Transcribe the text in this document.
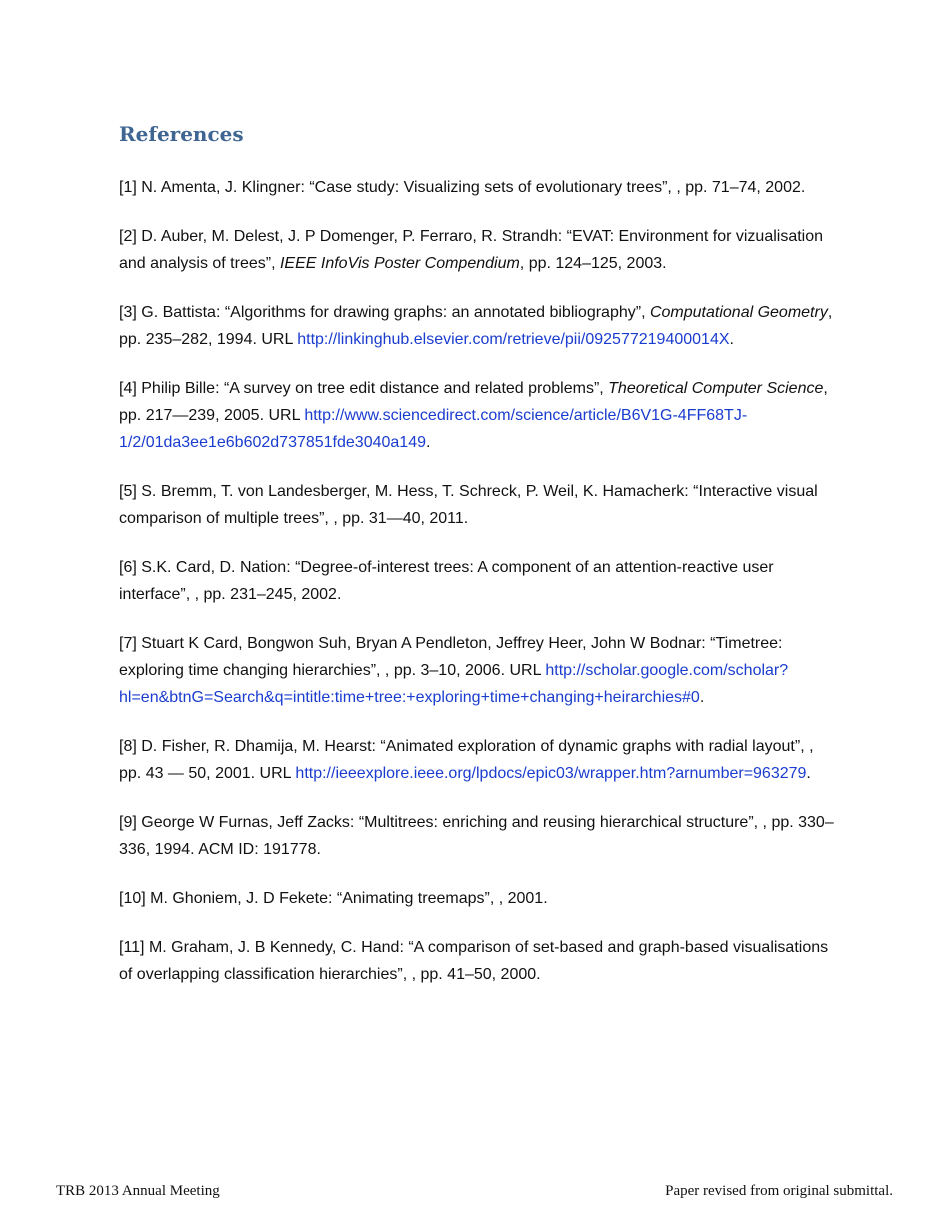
References

[1] N. Amenta, J. Klingner: “Case study: Visualizing sets of evolutionary trees”, , pp. 71–74, 2002.

[2] D. Auber, M. Delest, J. P Domenger, P. Ferraro, R. Strandh: “EVAT: Environment for vizualisation and analysis of trees”, IEEE InfoVis Poster Compendium, pp. 124–125, 2003.

[3] G. Battista: “Algorithms for drawing graphs: an annotated bibliography”, Computational Geometry, pp. 235–282, 1994. URL http://linkinghub.elsevier.com/retrieve/pii/092577219400014X.

[4] Philip Bille: “A survey on tree edit distance and related problems”, Theoretical Computer Science, pp. 217—239, 2005. URL http://www.sciencedirect.com/science/article/B6V1G-4FF68TJ-1/2/01da3ee1e6b602d737851fde3040a149.

[5] S. Bremm, T. von Landesberger, M. Hess, T. Schreck, P. Weil, K. Hamacherk: “Interactive visual comparison of multiple trees”, , pp. 31—40, 2011.

[6] S.K. Card, D. Nation: “Degree-of-interest trees: A component of an attention-reactive user interface”, , pp. 231–245, 2002.

[7] Stuart K Card, Bongwon Suh, Bryan A Pendleton, Jeffrey Heer, John W Bodnar: “Timetree: exploring time changing hierarchies”, , pp. 3–10, 2006. URL http://scholar.google.com/scholar?hl=en&btnG=Search&q=intitle:time+tree:+exploring+time+changing+heirarchies#0.

[8] D. Fisher, R. Dhamija, M. Hearst: “Animated exploration of dynamic graphs with radial layout”, , pp. 43 — 50, 2001. URL http://ieeexplore.ieee.org/lpdocs/epic03/wrapper.htm?arnumber=963279.

[9] George W Furnas, Jeff Zacks: “Multitrees: enriching and reusing hierarchical structure”, , pp. 330–336, 1994. ACM ID: 191778.

[10] M. Ghoniem, J. D Fekete: “Animating treemaps”, , 2001.

[11] M. Graham, J. B Kennedy, C. Hand: “A comparison of set-based and graph-based visualisations of overlapping classification hierarchies”, , pp. 41–50, 2000.

TRB 2013 Annual Meeting	Paper revised from original submittal.
